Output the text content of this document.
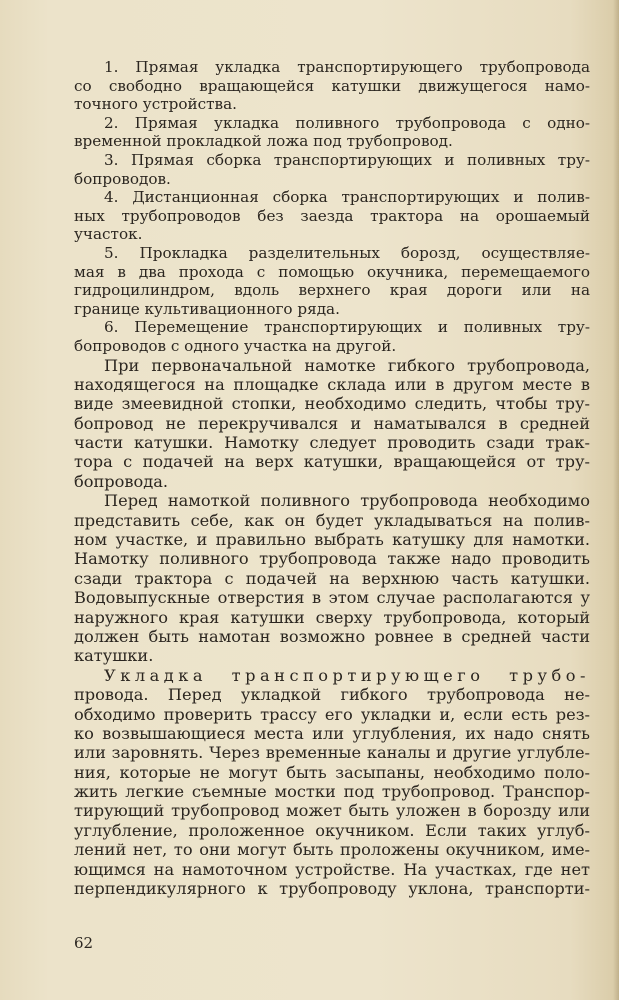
1. Прямая укладка транспортирующего трубопровода
со свободно вращающейся катушки движущегося намо-
точного устройства.
2. Прямая укладка поливного трубопровода с одно-
временной прокладкой ложа под трубопровод.
3. Прямая сборка транспортирующих и поливных тру-
бопроводов.
4. Дистанционная сборка транспортирующих и полив-
ных трубопроводов без заезда трактора на орошаемый
участок.
5. Прокладка разделительных борозд, осуществляе-
мая в два прохода с помощью окучника, перемещаемого
гидроцилиндром, вдоль верхнего края дороги или на
границе культивационного ряда.
6. Перемещение транспортирующих и поливных тру-
бопроводов с одного участка на другой.
При первоначальной намотке гибкого трубопровода,
находящегося на площадке склада или в другом месте в
виде змеевидной стопки, необходимо следить, чтобы тру-
бопровод не перекручивался и наматывался в средней
части катушки. Намотку следует проводить сзади трак-
тора с подачей на верх катушки, вращающейся от тру-
бопровода.
Перед намоткой поливного трубопровода необходимо
представить себе, как он будет укладываться на полив-
ном участке, и правильно выбрать катушку для намотки.
Намотку поливного трубопровода также надо проводить
сзади трактора с подачей на верхнюю часть катушки.
Водовыпускные отверстия в этом случае располагаются у
наружного края катушки сверху трубопровода, который
должен быть намотан возможно ровнее в средней части
катушки.
Укладка транспортирующего трубо-
провода. Перед укладкой гибкого трубопровода не-
обходимо проверить трассу его укладки и, если есть рез-
ко возвышающиеся места или углубления, их надо снять
или заровнять. Через временные каналы и другие углубле-
ния, которые не могут быть засыпаны, необходимо поло-
жить легкие съемные мостки под трубопровод. Транспор-
тирующий трубопровод может быть уложен в борозду или
углубление, проложенное окучником. Если таких углуб-
лений нет, то они могут быть проложены окучником, име-
ющимся на намоточном устройстве. На участках, где нет
перпендикулярного к трубопроводу уклона, транспорти-
62
